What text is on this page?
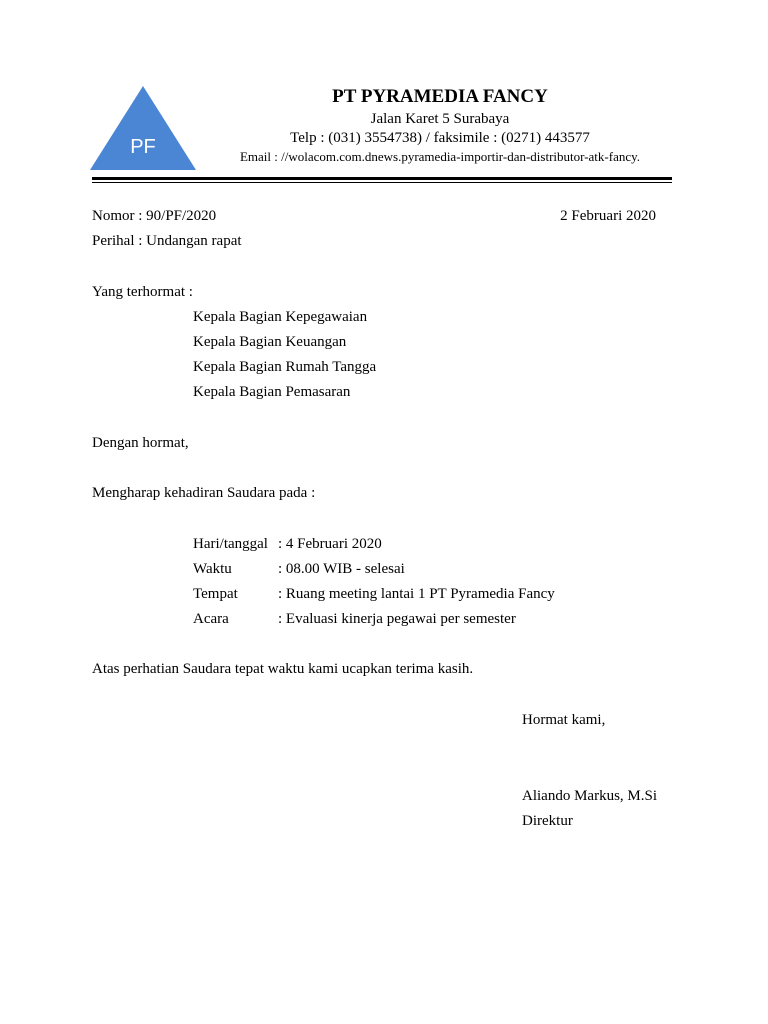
PF
PT PYRAMEDIA FANCY
Jalan Karet 5 Surabaya
Telp : (031) 3554738) / faksimile : (0271) 443577
Email : //wolacom.com.dnews.pyramedia-importir-dan-distributor-atk-fancy.
Nomor : 90/PF/2020	2 Februari 2020
Perihal : Undangan rapat
Yang terhormat :
Kepala Bagian Kepegawaian
Kepala Bagian Keuangan
Kepala Bagian Rumah Tangga
Kepala Bagian Pemasaran
Dengan hormat,
Mengharap kehadiran Saudara pada :
Hari/tanggal : 4 Februari 2020
Waktu	: 08.00 WIB - selesai
Tempat	: Ruang meeting lantai 1 PT Pyramedia Fancy
Acara	: Evaluasi kinerja pegawai per semester
Atas perhatian Saudara tepat waktu kami ucapkan terima kasih.
Hormat kami,
Aliando Markus, M.Si
Direktur
